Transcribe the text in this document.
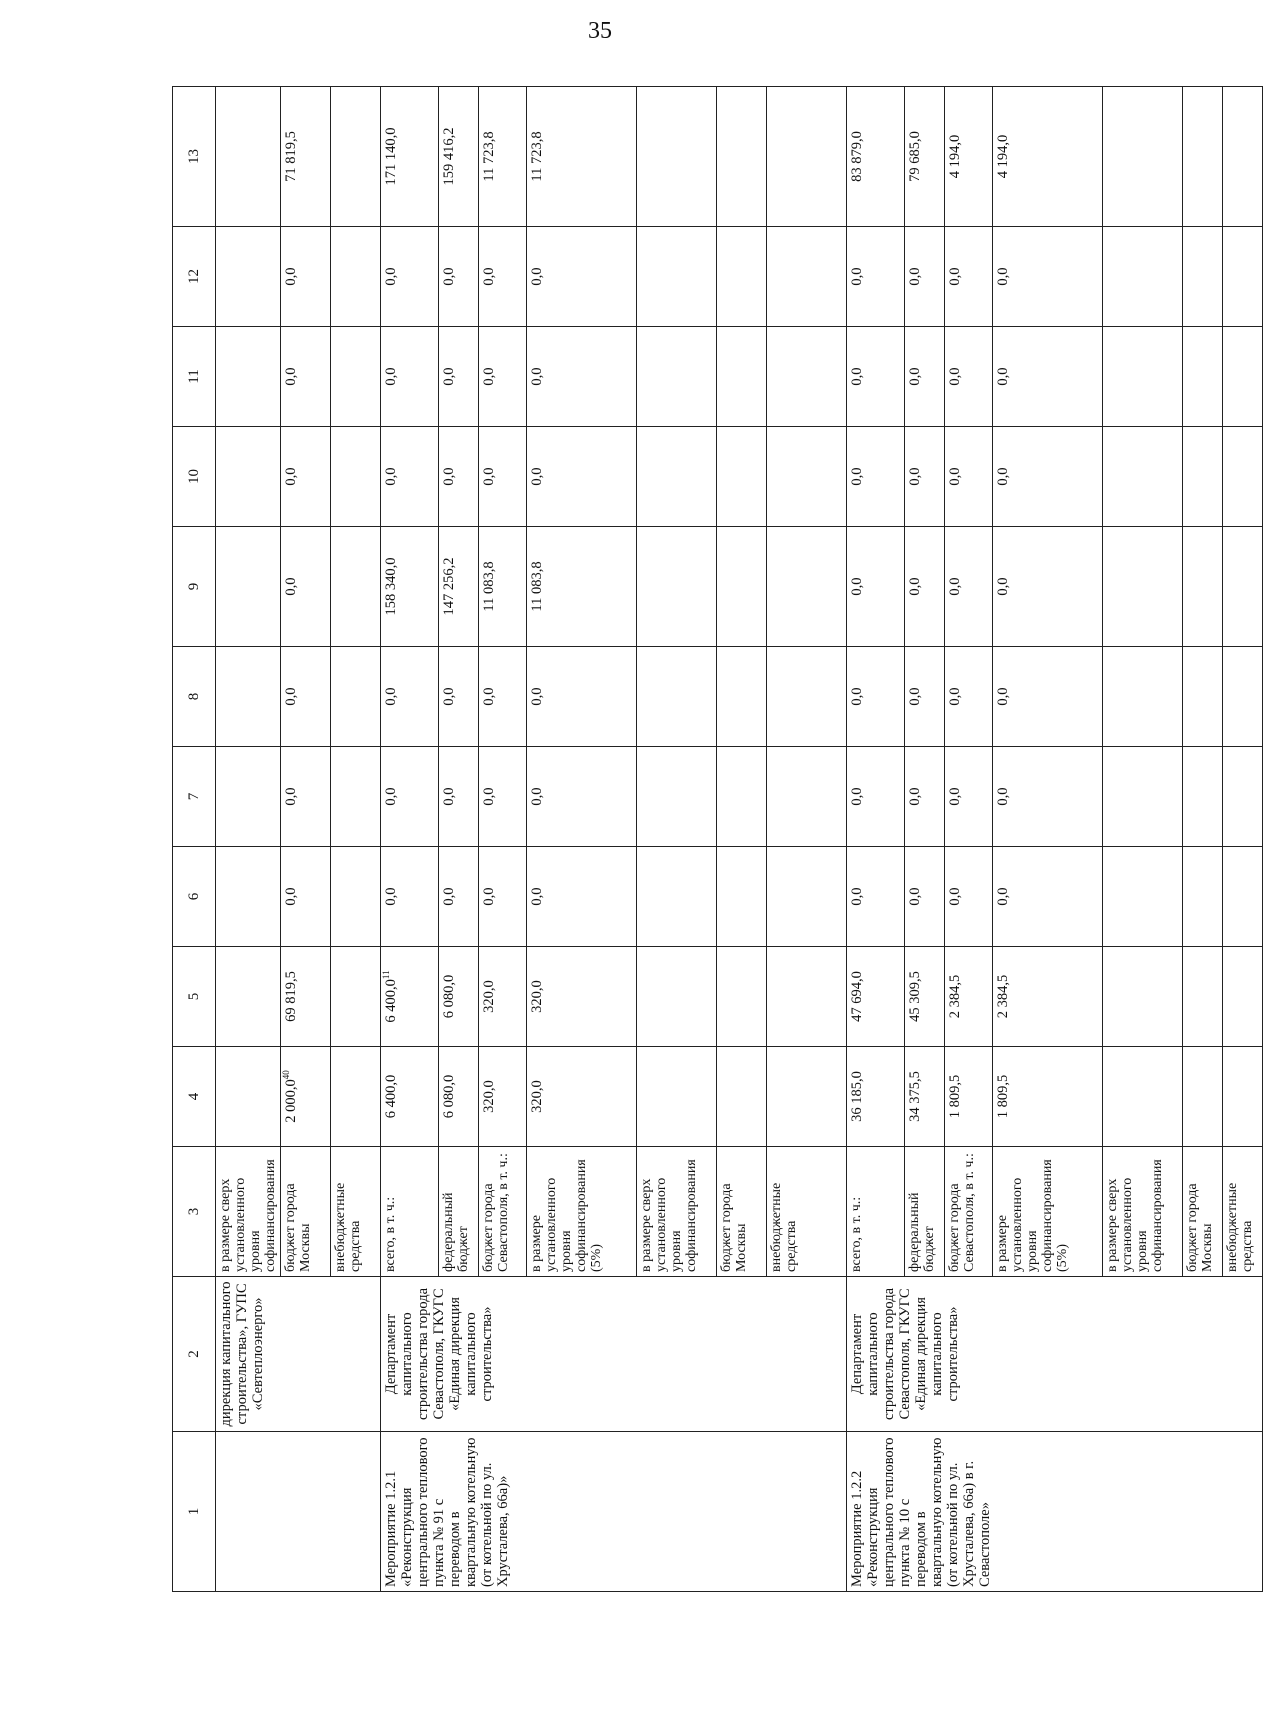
35
1	2	3	4	5	6	7	8	9	10	11	12	13
	дирекция капитального строительства», ГУПС «Севтеплоэнерго»	в размере сверх установленного уровня софинансирования										
		бюджет города Москвы	2 000,0$^{40}$	69 819,5	0,0	0,0	0,0	0,0	0,0	0,0	0,0	71 819,5
		внебюджетные средства										
Мероприятие 1.2.1 «Реконструкция центрального теплового пункта № 91 с переводом в квартальную котельную (от котельной по ул. Хрусталева, 66а)»	Департамент капитального строительства города Севастополя, ГКУГС «Единая дирекция капитального строительства»	всего, в т. ч.:	6 400,0	6 400,0$^{11}$	0,0	0,0	0,0	158 340,0	0,0	0,0	0,0	171 140,0
		федеральный бюджет	6 080,0	6 080,0	0,0	0,0	0,0	147 256,2	0,0	0,0	0,0	159 416,2
		бюджет города Севастополя, в т. ч.:	320,0	320,0	0,0	0,0	0,0	11 083,8	0,0	0,0	0,0	11 723,8
		в размере установленного уровня софинансирования (5%)	320,0	320,0	0,0	0,0	0,0	11 083,8	0,0	0,0	0,0	11 723,8
		в размере сверх установленного уровня софинансирования										
		бюджет города Москвы										
		внебюджетные средства										
Мероприятие 1.2.2 «Реконструкция центрального теплового пункта № 10 с переводом в квартальную котельную (от котельной по ул. Хрусталева, 66а) в г. Севастополе»	Департамент капитального строительства города Севастополя, ГКУГС «Единая дирекция капитального строительства»	всего, в т. ч.:	36 185,0	47 694,0	0,0	0,0	0,0	0,0	0,0	0,0	0,0	83 879,0
		федеральный бюджет	34 375,5	45 309,5	0,0	0,0	0,0	0,0	0,0	0,0	0,0	79 685,0
		бюджет города Севастополя, в т. ч.:	1 809,5	2 384,5	0,0	0,0	0,0	0,0	0,0	0,0	0,0	4 194,0
		в размере установленного уровня софинансирования (5%)	1 809,5	2 384,5	0,0	0,0	0,0	0,0	0,0	0,0	0,0	4 194,0
		в размере сверх установленного уровня софинансирования										
		бюджет города Москвы										
		внебюджетные средства										
